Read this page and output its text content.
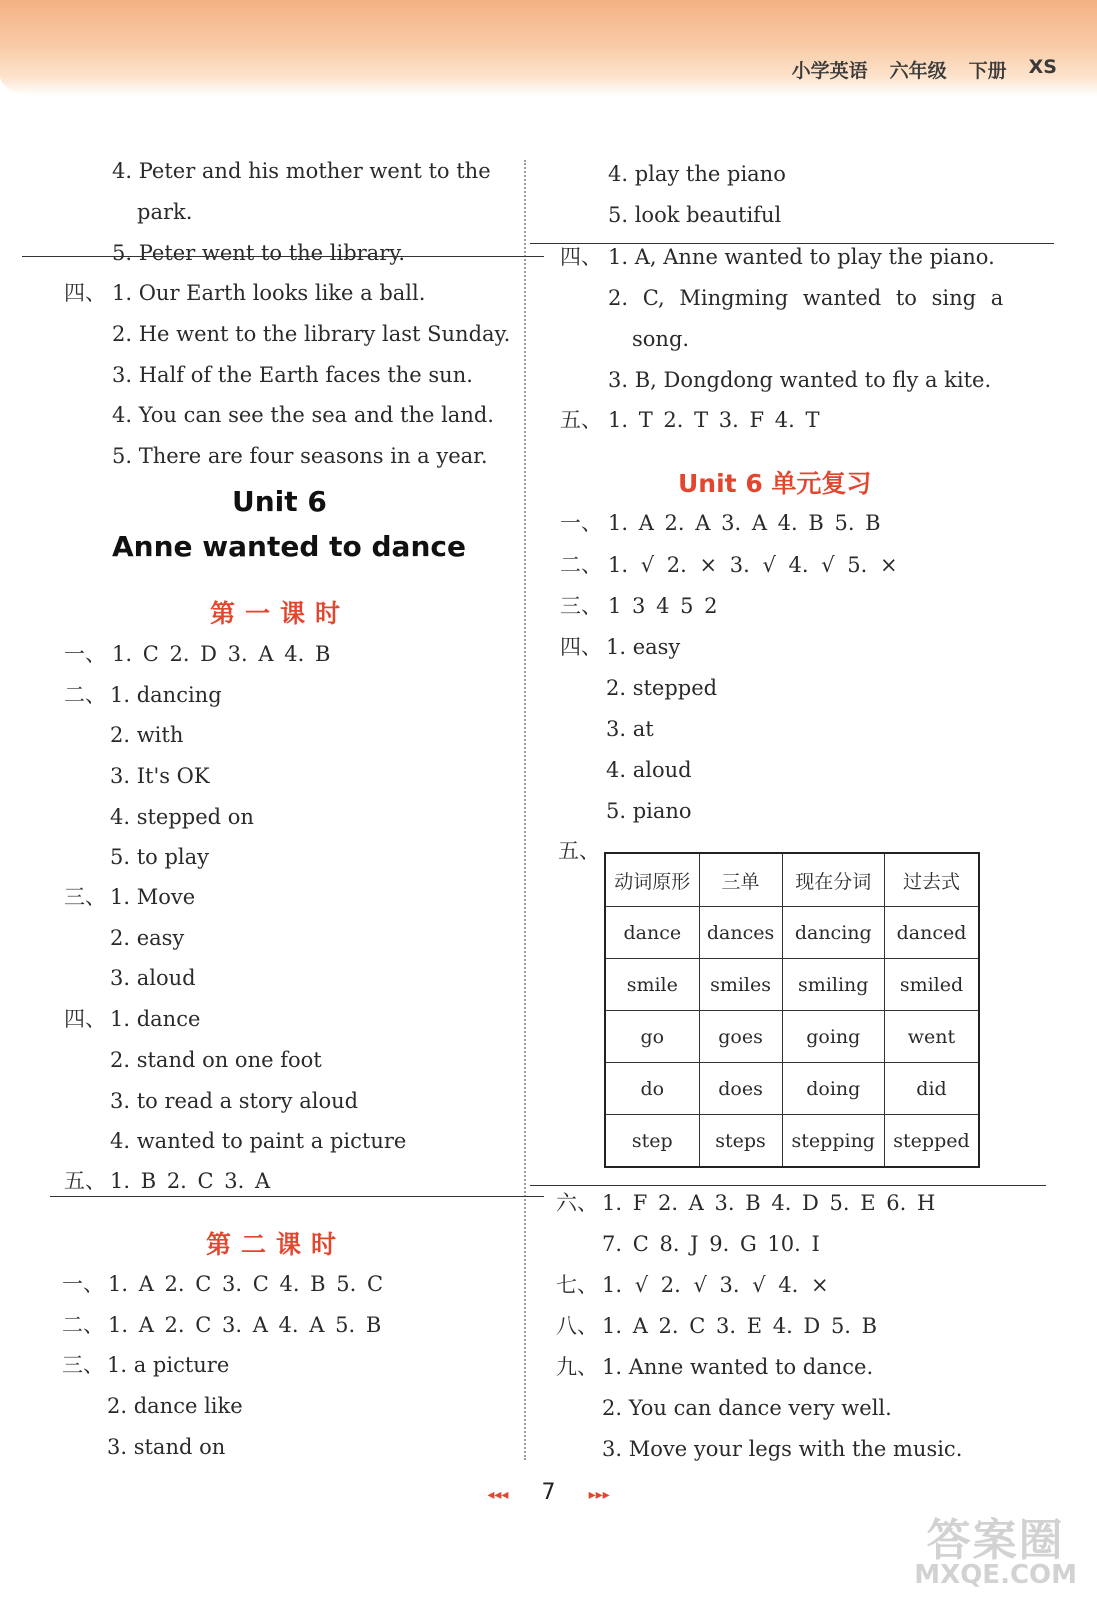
小学英语 六年级 下册 XS
4. Peter and his mother went to the
park.
5. Peter went to the library.
四、 1. Our Earth looks like a ball.
2. He went to the library last Sunday.
3. Half of the Earth faces the sun.
4. You can see the sea and the land.
5. There are four seasons in a year.
Unit 6
Anne wanted to dance
第一课时
一、 1. C 2. D 3. A 4. B
二、 1. dancing
2. with
3. It's OK
4. stepped on
5. to play
三、 1. Move
2. easy
3. aloud
四、 1. dance
2. stand on one foot
3. to read a story aloud
4. wanted to paint a picture
五、 1. B 2. C 3. A
第二课时
一、 1. A 2. C 3. C 4. B 5. C
二、 1. A 2. C 3. A 4. A 5. B
三、 1. a picture
2. dance like
3. stand on
4. play the piano
5. look beautiful
四、 1. A, Anne wanted to play the piano.
2. C, Mingming wanted to sing a
song.
3. B, Dongdong wanted to fly a kite.
五、 1. T 2. T 3. F 4. T
Unit 6 单元复习
一、 1. A 2. A 3. A 4. B 5. B
二、 1. √ 2. × 3. √ 4. √ 5. ×
三、 1 3 4 5 2
四、 1. easy
2. stepped
3. at
4. aloud
5. piano
五、
动词原形	三单	现在分词	过去式
dance	dances	dancing	danced
smile	smiles	smiling	smiled
go	goes	going	went
do	does	doing	did
step	steps	stepping	stepped
六、 1. F 2. A 3. B 4. D 5. E 6. H
7. C 8. J 9. G 10. I
七、 1. √ 2. √ 3. √ 4. ×
八、 1. A 2. C 3. E 4. D 5. B
九、 1. Anne wanted to dance.
2. You can dance very well.
3. Move your legs with the music.
◂◂◂ 7 ▸▸▸
答案圈
MXQE.COM
